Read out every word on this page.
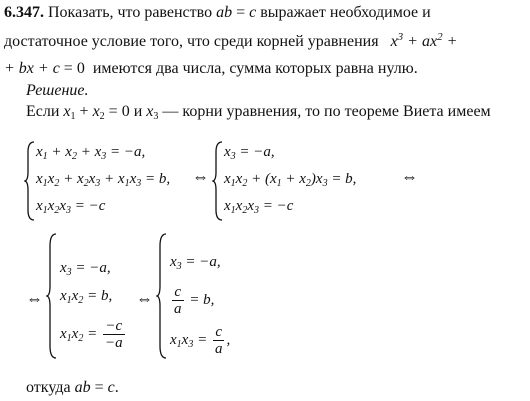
6.347. Показать, что равенство ab = c выражает необходимое и
достаточное условие того, что среди корней уравнения $x^3 + ax^2$ +
+ bx + c = 0  имеются два числа, сумма которых равна нулю.
Решение.
Если $x_1 + x_2 = 0$ и $x_3$ — корни уравнения, то по теореме Виета имеем
$x_1 + x_2 + x_3 = -a$,
$x_1x_2 + x_2x_3 + x_1x_3 = b$,
$x_1x_2x_3 = -c$
⇔
$x_3 = -a$,
$x_1x_2 + (x_1 + x_2)x_3 = b$,
$x_1x_2x_3 = -c$
⇔
⇔
$x_3 = -a$,
$x_1x_2 = b$,
$x_1x_2 = \frac{-c}{-a}$
⇔
$x_3 = -a$,
$\frac{c}{a} = b$,
$x_1x_3 = \frac{c}{a}$ ,
откуда ab = c.
